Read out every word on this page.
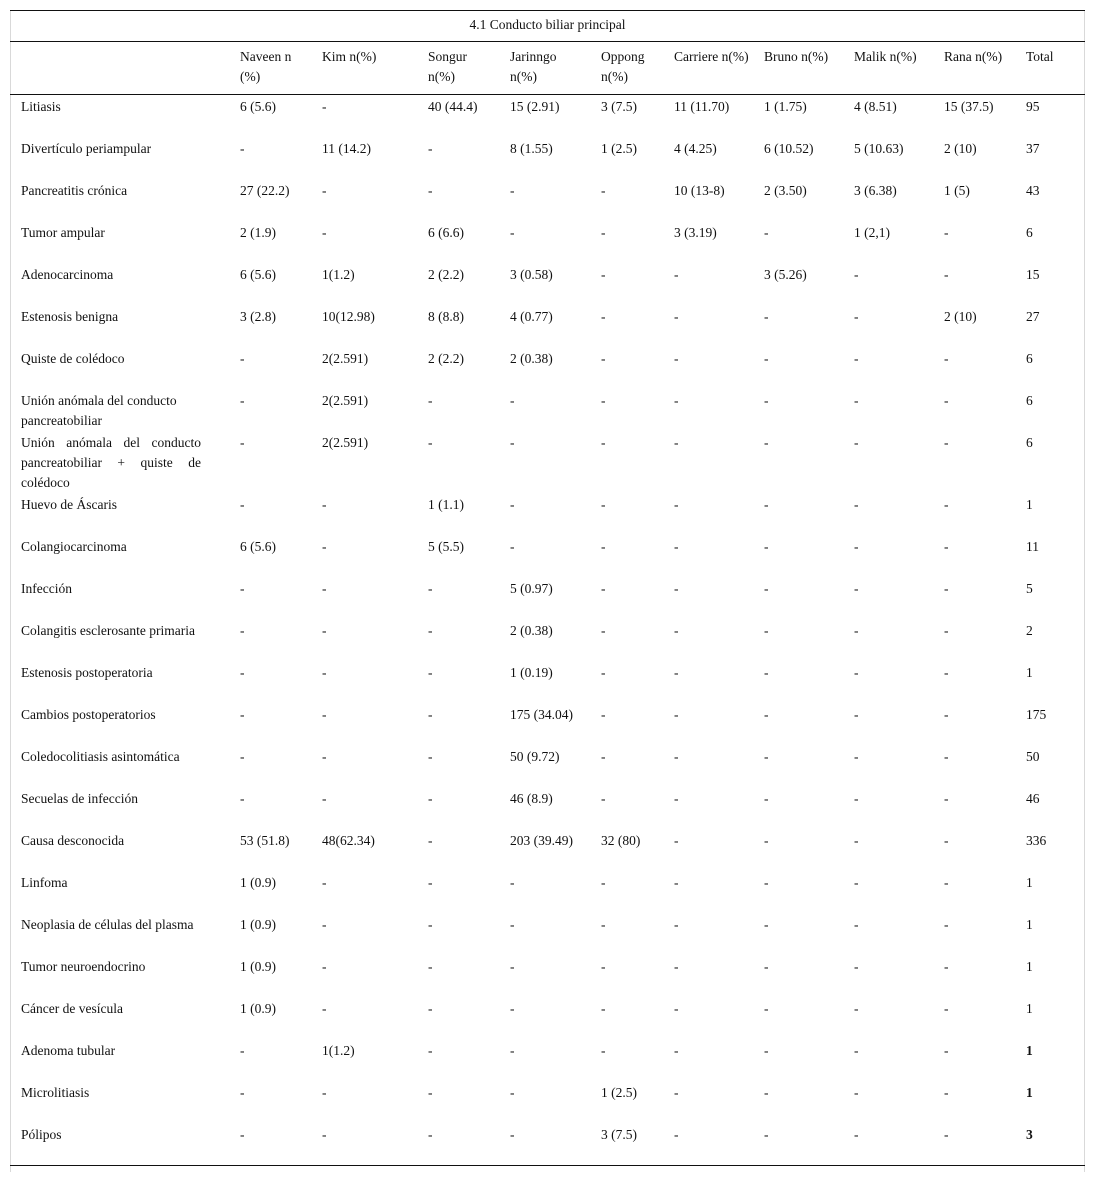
4.1 Conducto biliar principal										
	Naveen n (%)	Kim n(%)	Songur n(%)	Jarinngo n(%)	Oppong n(%)	Carriere n(%)	Bruno n(%)	Malik n(%)	Rana n(%)	Total
Litiasis	6 (5.6)	-	40 (44.4)	15 (2.91)	3 (7.5)	11 (11.70)	1 (1.75)	4 (8.51)	15 (37.5)	95
Divertículo periampular	-	11 (14.2)	-	8 (1.55)	1 (2.5)	4 (4.25)	6 (10.52)	5 (10.63)	2 (10)	37
Pancreatitis crónica	27 (22.2)	-	-	-	-	10 (13-8)	2 (3.50)	3 (6.38)	1 (5)	43
Tumor ampular	2 (1.9)	-	6 (6.6)	-	-	3 (3.19)	-	1 (2,1)	-	6
Adenocarcinoma	6 (5.6)	1(1.2)	2 (2.2)	3 (0.58)	-	-	3 (5.26)	-	-	15
Estenosis benigna	3 (2.8)	10(12.98)	8 (8.8)	4 (0.77)	-	-	-	-	2 (10)	27
Quiste de colédoco	-	2(2.591)	2 (2.2)	2 (0.38)	-	-	-	-	-	6
Unión anómala del conducto pancreatobiliar	-	2(2.591)	-	-	-	-	-	-	-	6
Unión anómala del conducto pancreatobiliar + quiste de colédoco	-	2(2.591)	-	-	-	-	-	-	-	6
Huevo de Áscaris	-	-	1 (1.1)	-	-	-	-	-	-	1
Colangiocarcinoma	6 (5.6)	-	5 (5.5)	-	-	-	-	-	-	11
Infección	-	-	-	5 (0.97)	-	-	-	-	-	5
Colangitis esclerosante primaria	-	-	-	2 (0.38)	-	-	-	-	-	2
Estenosis postoperatoria	-	-	-	1 (0.19)	-	-	-	-	-	1
Cambios postoperatorios	-	-	-	175 (34.04)	-	-	-	-	-	175
Coledocolitiasis asintomática	-	-	-	50 (9.72)	-	-	-	-	-	50
Secuelas de infección	-	-	-	46 (8.9)	-	-	-	-	-	46
Causa desconocida	53 (51.8)	48(62.34)	-	203 (39.49)	32 (80)	-	-	-	-	336
Linfoma	1 (0.9)	-	-	-	-	-	-	-	-	1
Neoplasia de células del plasma	1 (0.9)	-	-	-	-	-	-	-	-	1
Tumor neuroendocrino	1 (0.9)	-	-	-	-	-	-	-	-	1
Cáncer de vesícula	1 (0.9)	-	-	-	-	-	-	-	-	1
Adenoma tubular	-	1(1.2)	-	-	-	-	-	-	-	1
Microlitiasis	-	-	-	-	1 (2.5)	-	-	-	-	1
Pólipos	-	-	-	-	3 (7.5)	-	-	-	-	3
